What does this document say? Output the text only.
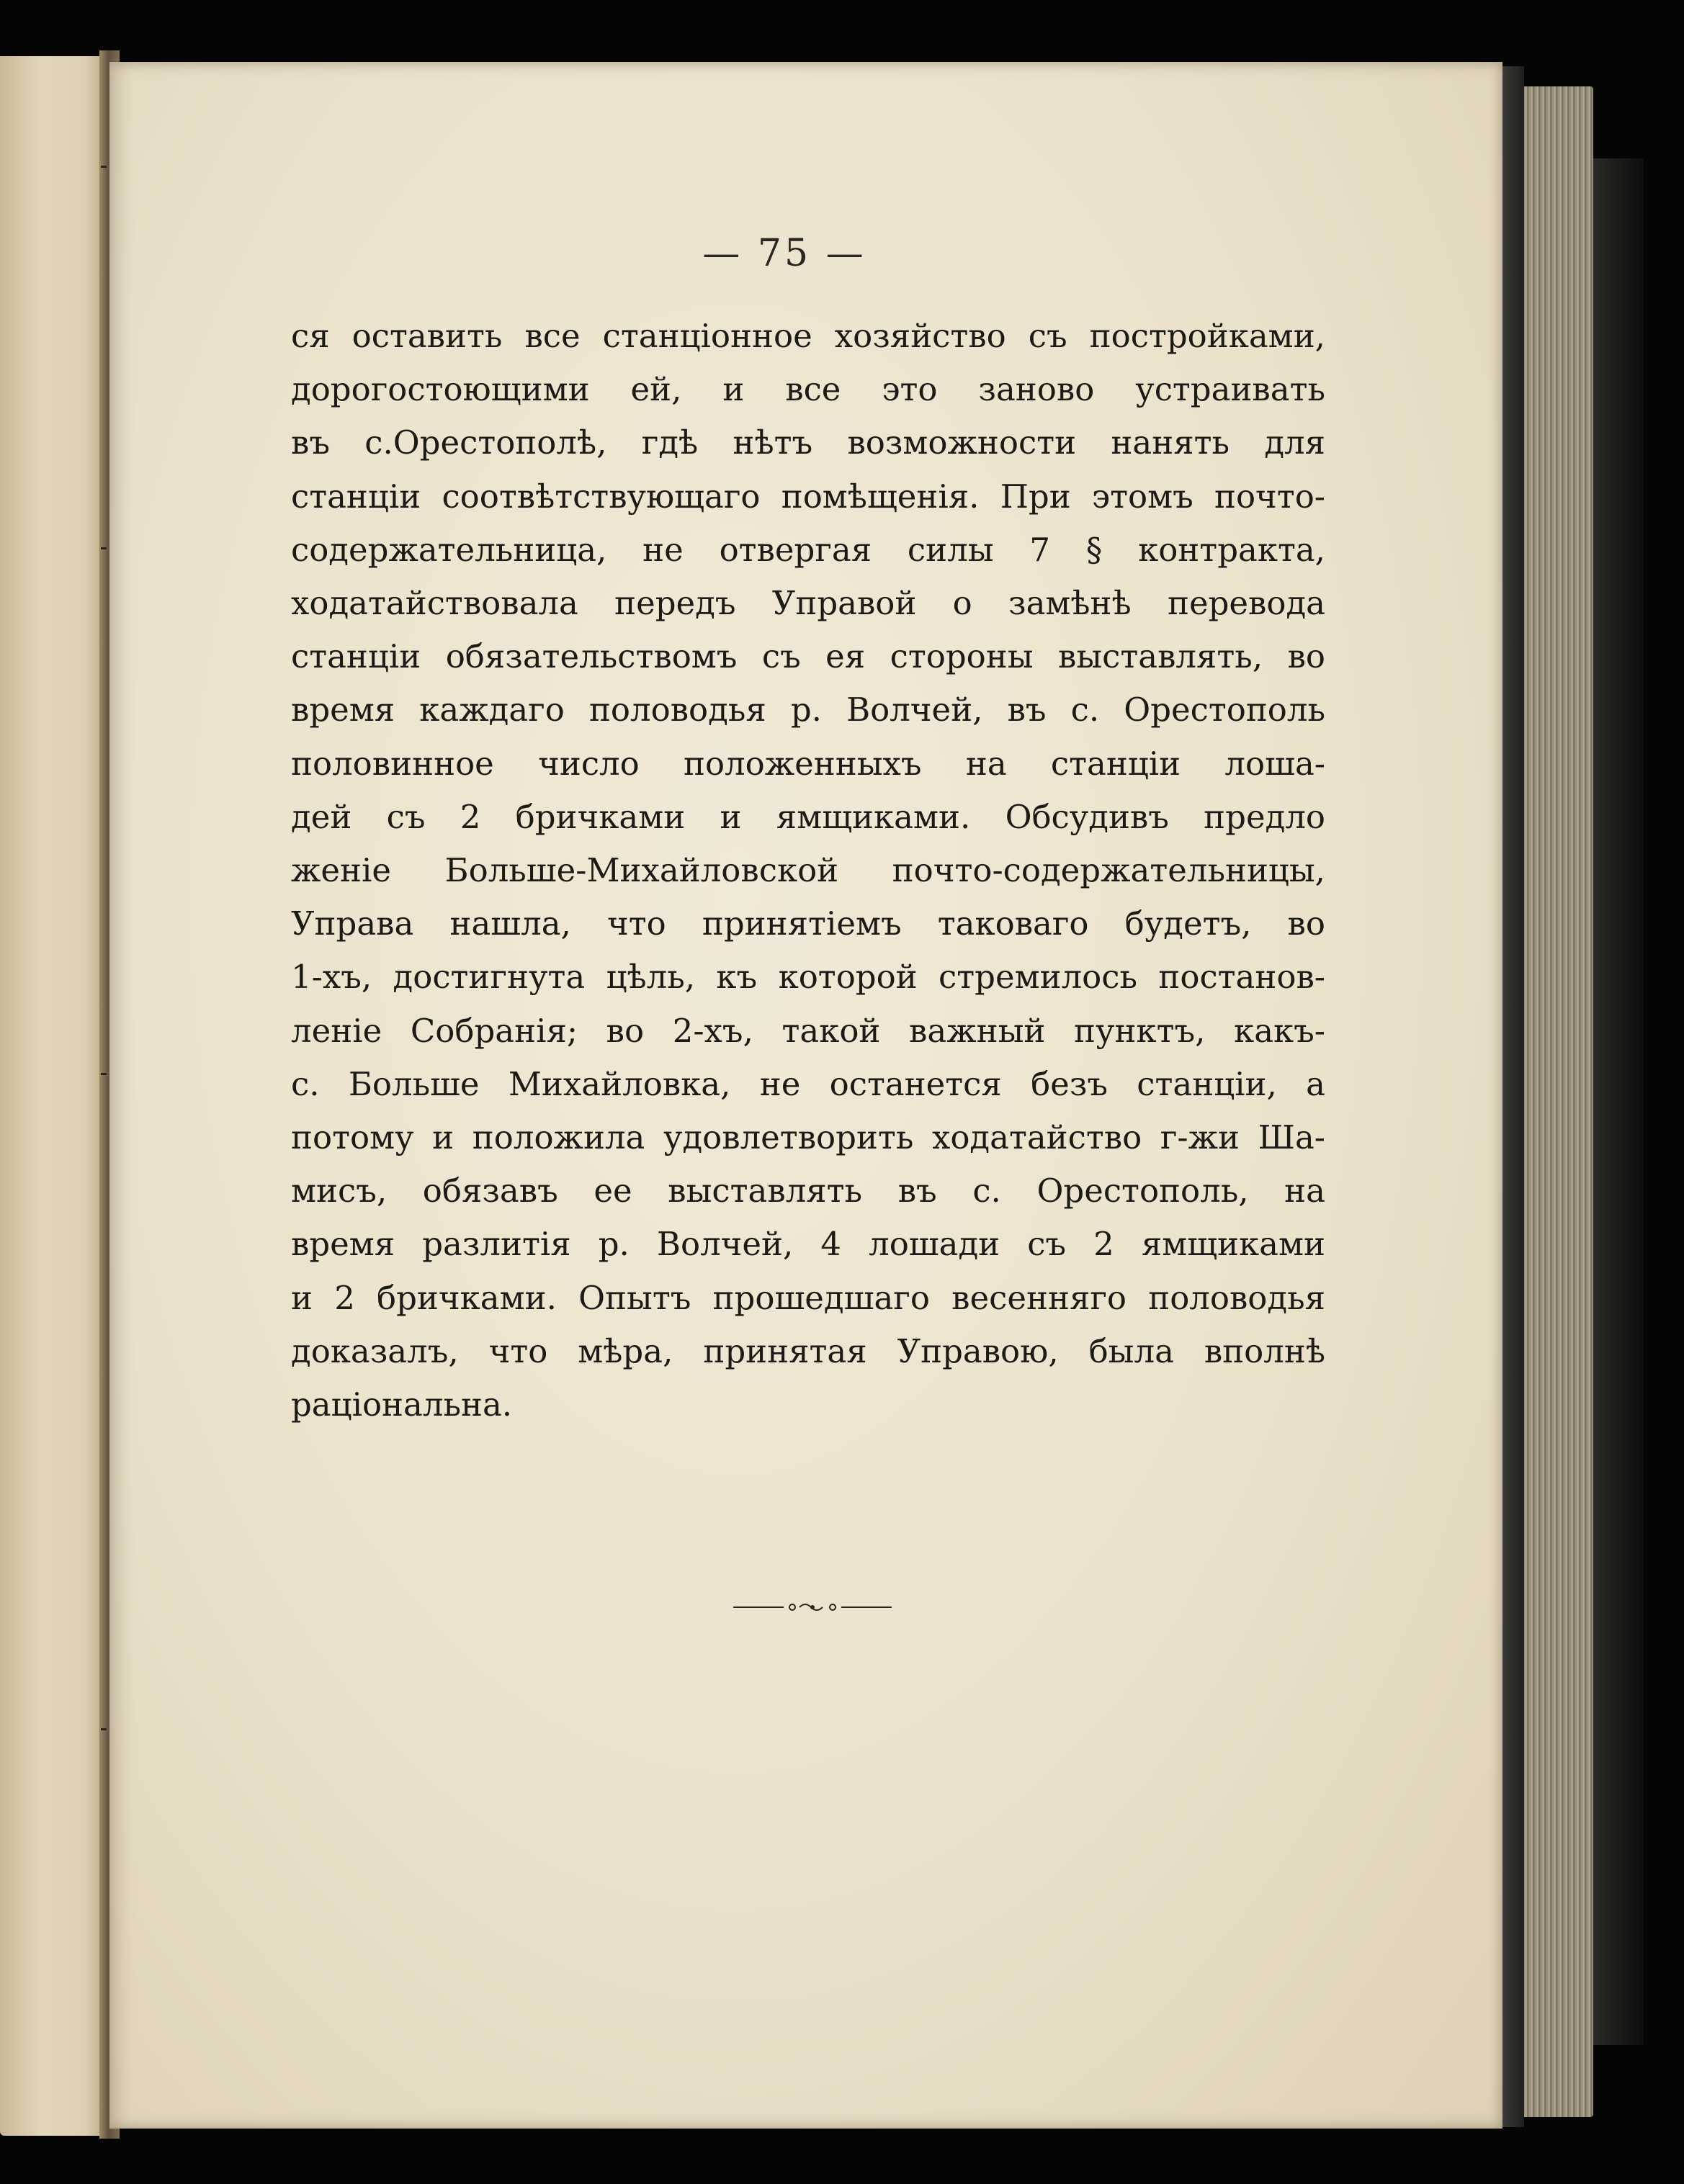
— 75 —
ся оставить все станціонное хозяйство съ постройками,
дорогостоющими ей, и все это заново устраивать
въ с.Орестополѣ, гдѣ нѣтъ возможности нанять для
станціи соотвѣтствующаго помѣщенія. При этомъ почто-
содержательница, не отвергая силы 7 § контракта,
ходатайствовала передъ Управой о замѣнѣ перевода
станціи обязательствомъ съ ея стороны выставлять, во
время каждаго половодья р. Волчей, въ с. Орестополь
половинное число положенныхъ на станціи лоша-
дей съ 2 бричками и ямщиками. Обсудивъ предло
женіе Больше-Михайловской почто-содержательницы,
Управа нашла, что принятіемъ таковаго будетъ, во
1-хъ, достигнута цѣль, къ которой стремилось постанов-
леніе Собранія; во 2-хъ, такой важный пунктъ, какъ-
с. Больше Михайловка, не останется безъ станціи, а
потому и положила удовлетворить ходатайство г-жи Ша-
мисъ, обязавъ ее выставлять въ с. Орестополь, на
время разлитія р. Волчей, 4 лошади съ 2 ямщиками
и 2 бричками. Опытъ прошедшаго весенняго половодья
доказалъ, что мѣра, принятая Управою, была вполнѣ
раціональна.
